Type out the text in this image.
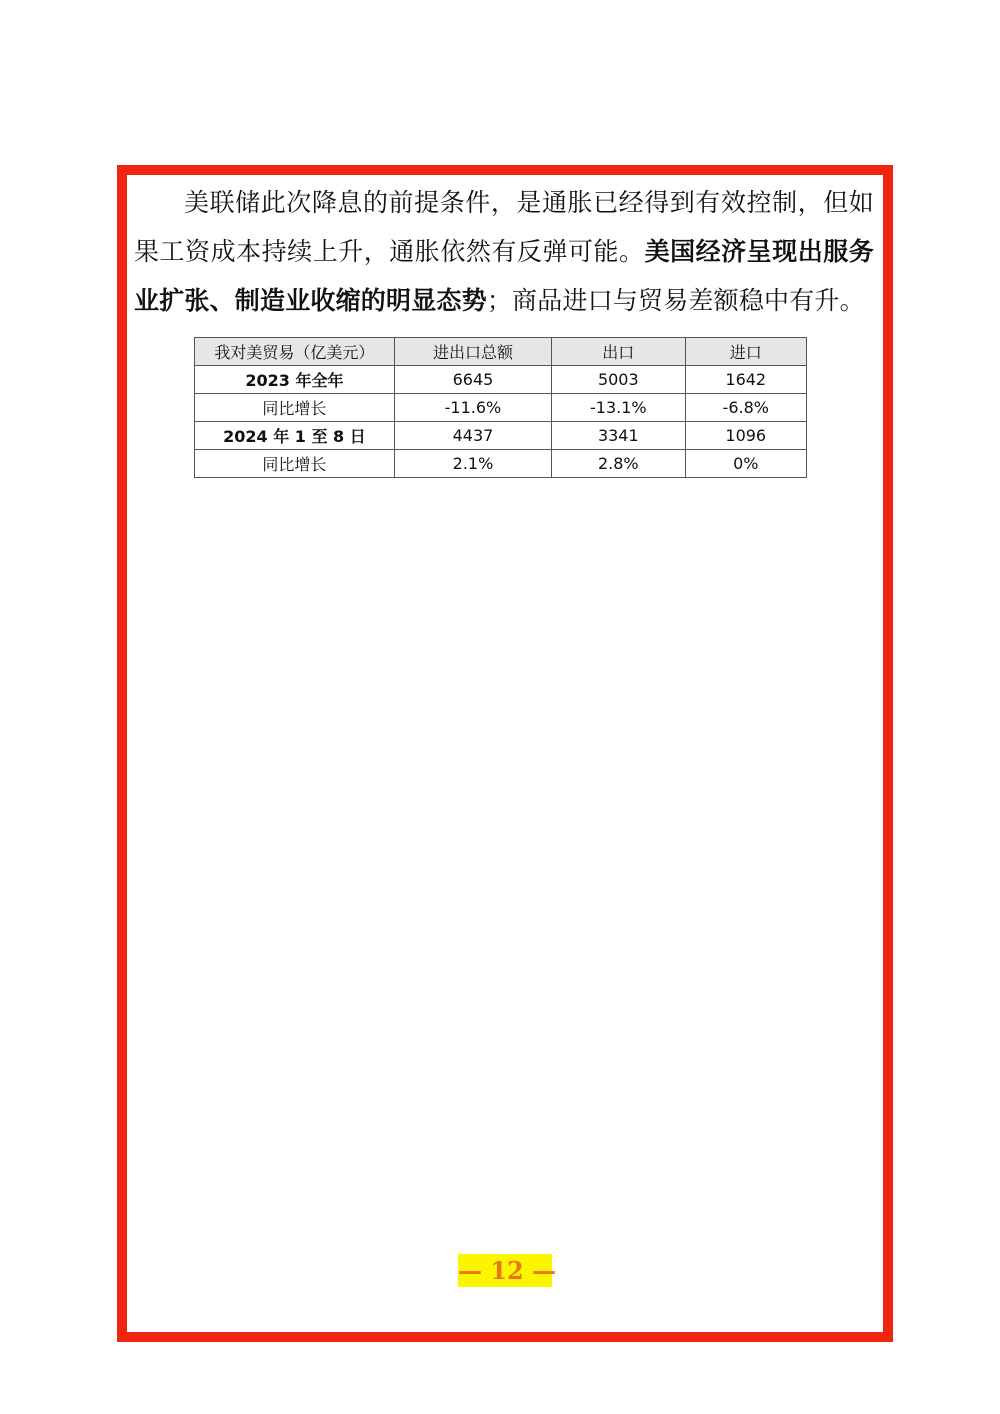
美联储此次降息的前提条件，是通胀已经得到有效控制，但如果工资成本持续上升，通胀依然有反弹可能。美国经济呈现出服务业扩张、制造业收缩的明显态势；商品进口与贸易差额稳中有升。

我对美贸易（亿美元）	进出口总额	出口	进口
2023 年全年	6645	5003	1642
同比增长	-11.6%	-13.1%	-6.8%
2024 年 1 至 8 日	4437	3341	1096
同比增长	2.1%	2.8%	0%
— 12 —
